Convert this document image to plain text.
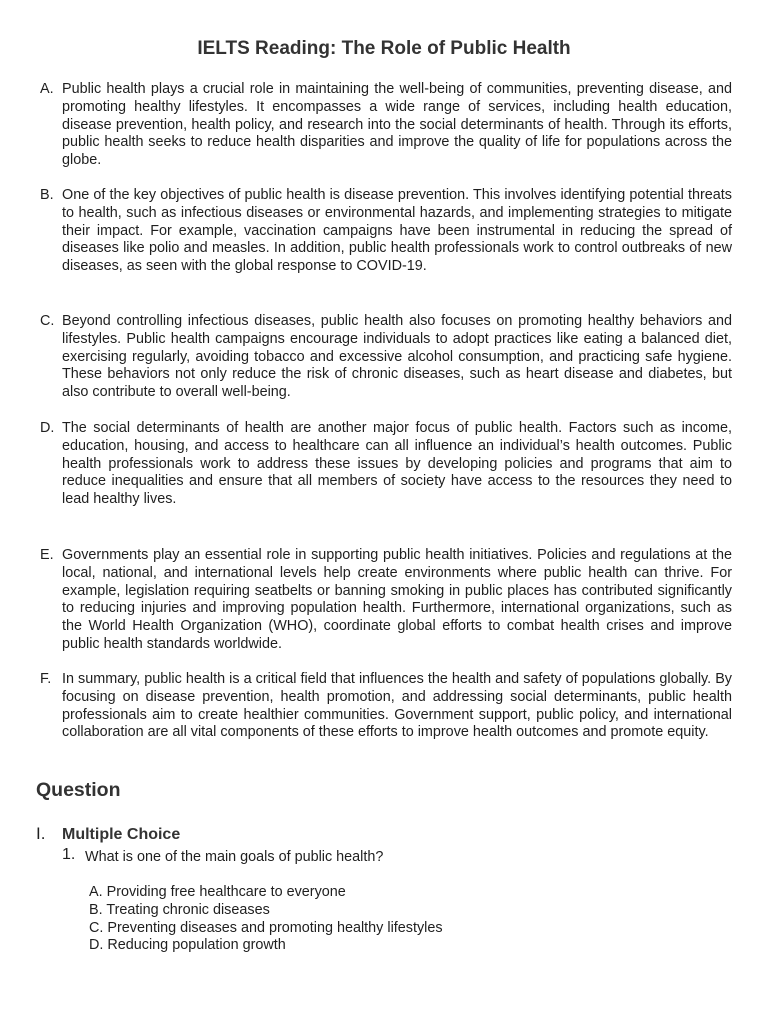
IELTS Reading: The Role of Public Health
A. Public health plays a crucial role in maintaining the well-being of communities, preventing disease, and promoting healthy lifestyles. It encompasses a wide range of services, including health education, disease prevention, health policy, and research into the social determinants of health. Through its efforts, public health seeks to reduce health disparities and improve the quality of life for populations across the globe.
B. One of the key objectives of public health is disease prevention. This involves identifying potential threats to health, such as infectious diseases or environmental hazards, and implementing strategies to mitigate their impact. For example, vaccination campaigns have been instrumental in reducing the spread of diseases like polio and measles. In addition, public health professionals work to control outbreaks of new diseases, as seen with the global response to COVID-19.
C. Beyond controlling infectious diseases, public health also focuses on promoting healthy behaviors and lifestyles. Public health campaigns encourage individuals to adopt practices like eating a balanced diet, exercising regularly, avoiding tobacco and excessive alcohol consumption, and practicing safe hygiene. These behaviors not only reduce the risk of chronic diseases, such as heart disease and diabetes, but also contribute to overall well-being.
D. The social determinants of health are another major focus of public health. Factors such as income, education, housing, and access to healthcare can all influence an individual’s health outcomes. Public health professionals work to address these issues by developing policies and programs that aim to reduce inequalities and ensure that all members of society have access to the resources they need to lead healthy lives.
E. Governments play an essential role in supporting public health initiatives. Policies and regulations at the local, national, and international levels help create environments where public health can thrive. For example, legislation requiring seatbelts or banning smoking in public places has contributed significantly to reducing injuries and improving population health. Furthermore, international organizations, such as the World Health Organization (WHO), coordinate global efforts to combat health crises and improve public health standards worldwide.
F. In summary, public health is a critical field that influences the health and safety of populations globally. By focusing on disease prevention, health promotion, and addressing social determinants, public health professionals aim to create healthier communities. Government support, public policy, and international collaboration are all vital components of these efforts to improve health outcomes and promote equity.
Question
I. Multiple Choice
1. What is one of the main goals of public health?
A. Providing free healthcare to everyone
B. Treating chronic diseases
C. Preventing diseases and promoting healthy lifestyles
D. Reducing population growth
